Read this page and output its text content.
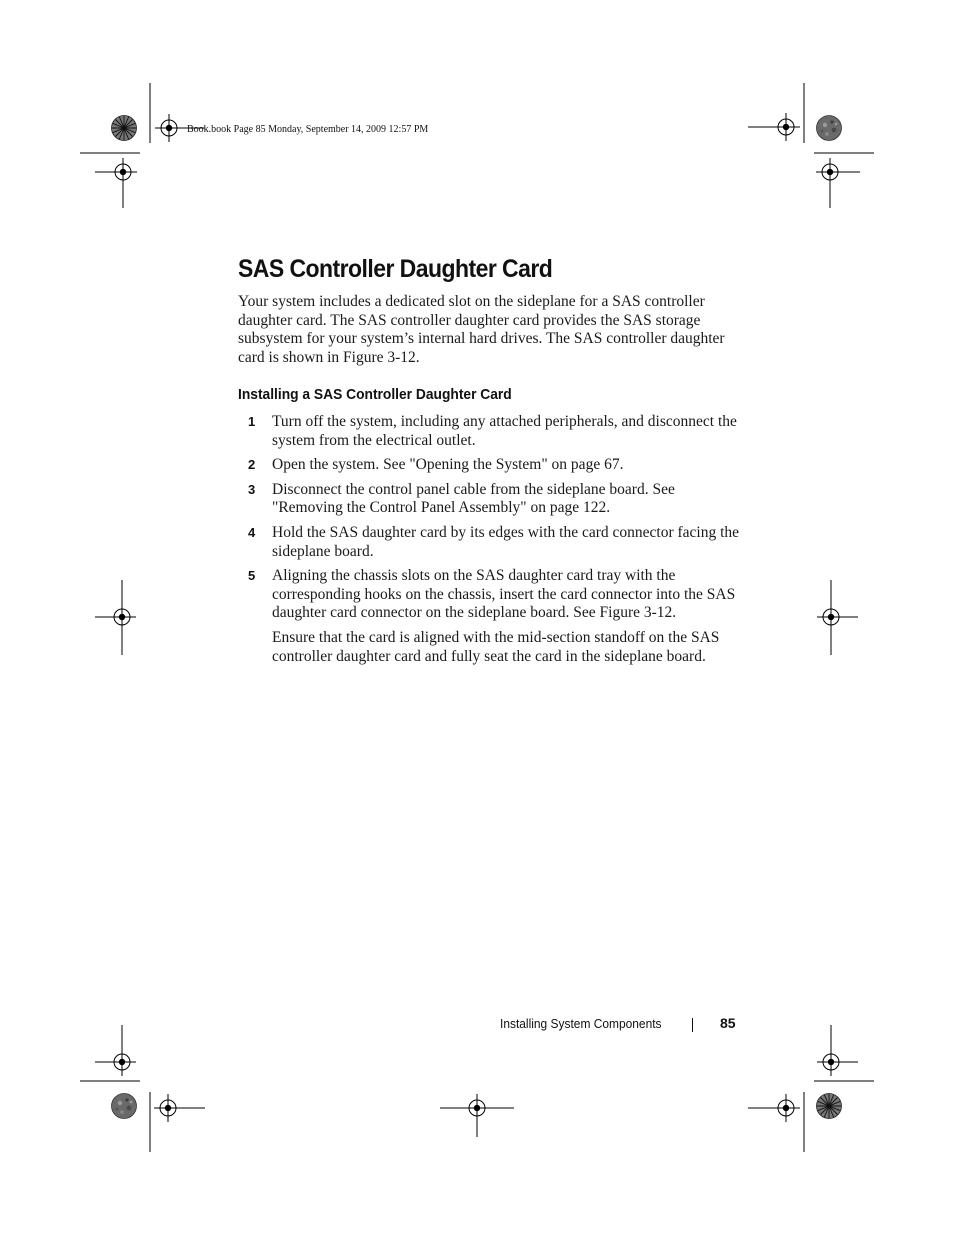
Book.book Page 85 Monday, September 14, 2009 12:57 PM
SAS Controller Daughter Card

Your system includes a dedicated slot on the sideplane for a SAS controller daughter card. The SAS controller daughter card provides the SAS storage subsystem for your system’s internal hard drives. The SAS controller daughter card is shown in Figure 3-12.

Installing a SAS Controller Daughter Card
1 Turn off the system, including any attached peripherals, and disconnect the system from the electrical outlet.
2 Open the system. See "Opening the System" on page 67.
3 Disconnect the control panel cable from the sideplane board. See "Removing the Control Panel Assembly" on page 122.
4 Hold the SAS daughter card by its edges with the card connector facing the sideplane board.
5 Aligning the chassis slots on the SAS daughter card tray with the corresponding hooks on the chassis, insert the card connector into the SAS daughter card connector on the sideplane board. See Figure 3-12.

Ensure that the card is aligned with the mid-section standoff on the SAS controller daughter card and fully seat the card in the sideplane board.

Installing System Components	85
